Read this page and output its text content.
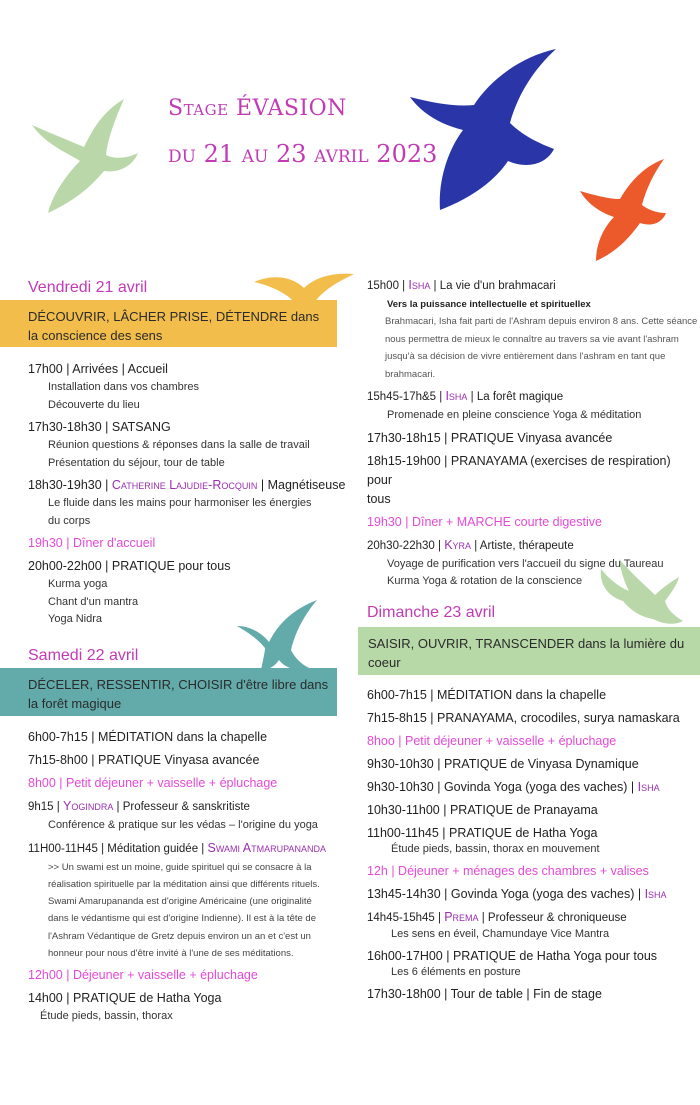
Stage ÉVASION
du 21 au 23 avril 2023
Vendredi 21 avril
DÉCOUVRIR, LÂCHER PRISE, DÉTENDRE dans la conscience des sens
17h00 | Arrivées | Accueil
Installation dans vos chambres
Découverte du lieu
17h30-18h30 | SATSANG
Réunion questions & réponses dans la salle de travail
Présentation du séjour, tour de table
18h30-19h30 | Catherine Lajudie-Rocquin | Magnétiseuse
Le fluide dans les mains pour harmoniser les énergies
du corps
19h30 | Dîner d'accueil
20h00-22h00 | PRATIQUE pour tous
Kurma yoga
Chant d'un mantra
Yoga Nidra
Samedi 22 avril
DÉCELER, RESSENTIR, CHOISIR d'être libre dans la forêt magique
6h00-7h15 | MÉDITATION dans la chapelle
7h15-8h00 | PRATIQUE Vinyasa avancée
8h00 | Petit déjeuner + vaisselle + épluchage
9h15 | Yogindra | Professeur & sanskritiste
Conférence & pratique sur les védas – l'origine du yoga
11H00-11H45 | Méditation guidée | Swami Atmarupananda
>> Un swami est un moine, guide spirituel qui se consacre à la
réalisation spirituelle par la méditation ainsi que différents rituels.
Swami Amarupananda est d'origine Américaine (une originalité
dans le védantisme qui est d'origine Indienne). Il est à la tête de
l'Ashram Védantique de Gretz depuis environ un an et c'est un
honneur pour nous d'être invité à l'une de ses méditations.
12h00 | Déjeuner + vaisselle + épluchage
14h00 | PRATIQUE de Hatha Yoga
Étude pieds, bassin, thorax
15h00 | Isha | La vie d'un brahmacari
Vers la puissance intellectuelle et spiritueIlex
Brahmacari, Isha fait parti de l'Ashram depuis environ 8 ans. Cette séance
nous permettra de mieux le connaître au travers sa vie avant l'ashram
jusqu'à sa décision de vivre entièrement dans l'ashram en tant que
brahmacari.
15h45-17h&5 | Isha | La forêt magique
Promenade en pleine conscience Yoga & méditation
17h30-18h15 | PRATIQUE Vinyasa avancée
18h15-19h00 | PRANAYAMA (exercises de respiration) pour
tous
19h30 | Dîner + MARCHE courte digestive
20h30-22h30 | Kyra | Artiste, thérapeute
Voyage de purification vers l'accueil du signe du Taureau
Kurma Yoga & rotation de la conscience
Dimanche 23 avril
SAISIR, OUVRIR, TRANSCENDER dans la lumière du coeur
6h00-7h15 | MÉDITATION dans la chapelle
7h15-8h15 | PRANAYAMA, crocodiles, surya namaskara
8hoo | Petit déjeuner + vaisselle + épluchage
9h30-10h30 | PRATIQUE de Vinyasa Dynamique
9h30-10h30 | Govinda Yoga (yoga des vaches) | Isha
10h30-11h00 | PRATIQUE de Pranayama
11h00-11h45 | PRATIQUE de Hatha Yoga
Étude pieds, bassin, thorax en mouvement
12h | Déjeuner + ménages des chambres + valises
13h45-14h30 | Govinda Yoga (yoga des vaches) | Isha
14h45-15h45 | Prema | Professeur & chroniqueuse
Les sens en éveil, Chamundaye Vice Mantra
16h00-17H00 | PRATIQUE de Hatha Yoga pour tous
Les 6 éléments en posture
17h30-18h00 | Tour de table | Fin de stage
